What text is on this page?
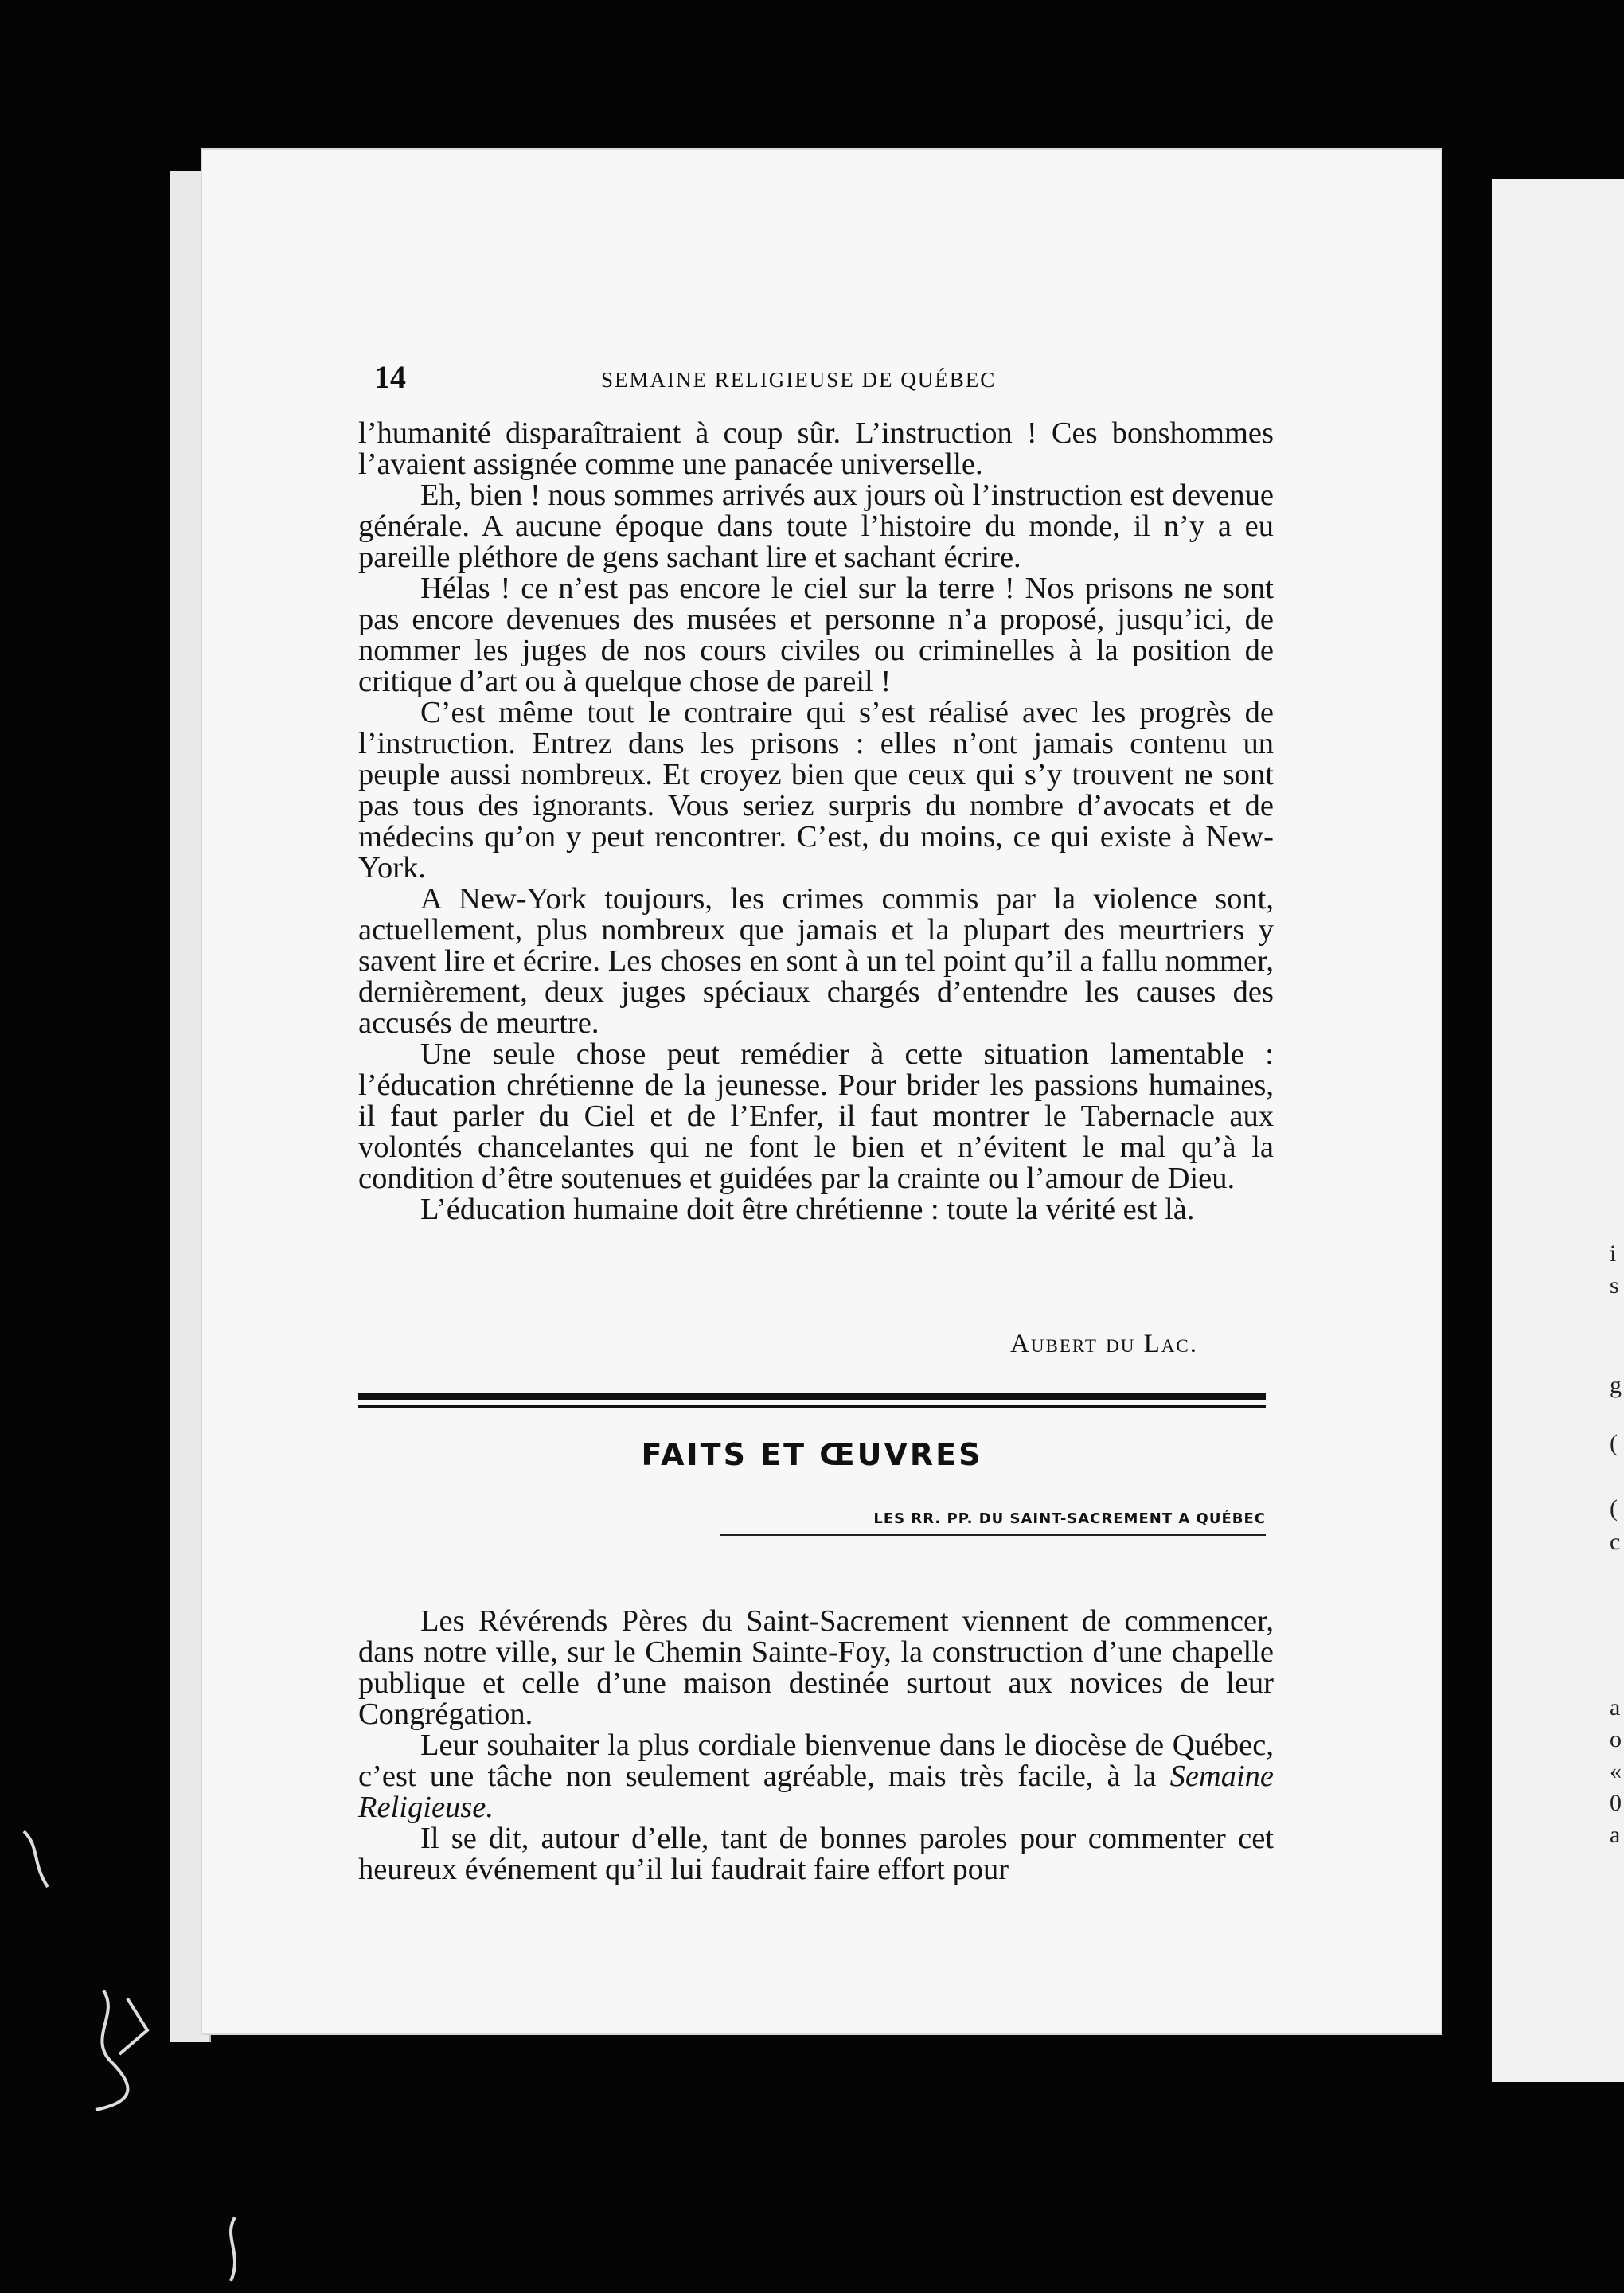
i
s
g
(
(
c
a
o
«
0
a
14	SEMAINE RELIGIEUSE DE QUÉBEC

l’humanité disparaîtraient à coup sûr. L’instruction ! Ces bonshommes l’avaient assignée comme une panacée universelle.

Eh, bien ! nous sommes arrivés aux jours où l’instruction est devenue générale. A aucune époque dans toute l’histoire du monde, il n’y a eu pareille pléthore de gens sachant lire et sachant écrire.

Hélas ! ce n’est pas encore le ciel sur la terre ! Nos prisons ne sont pas encore devenues des musées et personne n’a proposé, jusqu’ici, de nommer les juges de nos cours civiles ou criminelles à la position de critique d’art ou à quelque chose de pareil !

C’est même tout le contraire qui s’est réalisé avec les progrès de l’instruction. Entrez dans les prisons : elles n’ont jamais contenu un peuple aussi nombreux. Et croyez bien que ceux qui s’y trouvent ne sont pas tous des ignorants. Vous seriez surpris du nombre d’avocats et de médecins qu’on y peut rencontrer. C’est, du moins, ce qui existe à New-York.

A New-York toujours, les crimes commis par la violence sont, actuellement, plus nombreux que jamais et la plupart des meurtriers y savent lire et écrire. Les choses en sont à un tel point qu’il a fallu nommer, dernièrement, deux juges spéciaux chargés d’entendre les causes des accusés de meurtre.

Une seule chose peut remédier à cette situation lamentable : l’éducation chrétienne de la jeunesse. Pour brider les passions humaines, il faut parler du Ciel et de l’Enfer, il faut montrer le Tabernacle aux volontés chancelantes qui ne font le bien et n’évitent le mal qu’à la condition d’être soutenues et guidées par la crainte ou l’amour de Dieu.

L’éducation humaine doit être chrétienne : toute la vérité est là.

Aubert du Lac.
FAITS ET ŒUVRES
LES RR. PP. DU SAINT-SACREMENT A QUÉBEC

Les Révérends Pères du Saint-Sacrement viennent de commencer, dans notre ville, sur le Chemin Sainte-Foy, la construction d’une chapelle publique et celle d’une maison destinée surtout aux novices de leur Congrégation.

Leur souhaiter la plus cordiale bienvenue dans le diocèse de Québec, c’est une tâche non seulement agréable, mais très facile, à la Semaine Religieuse.

Il se dit, autour d’elle, tant de bonnes paroles pour commenter cet heureux événement qu’il lui faudrait faire effort pour
